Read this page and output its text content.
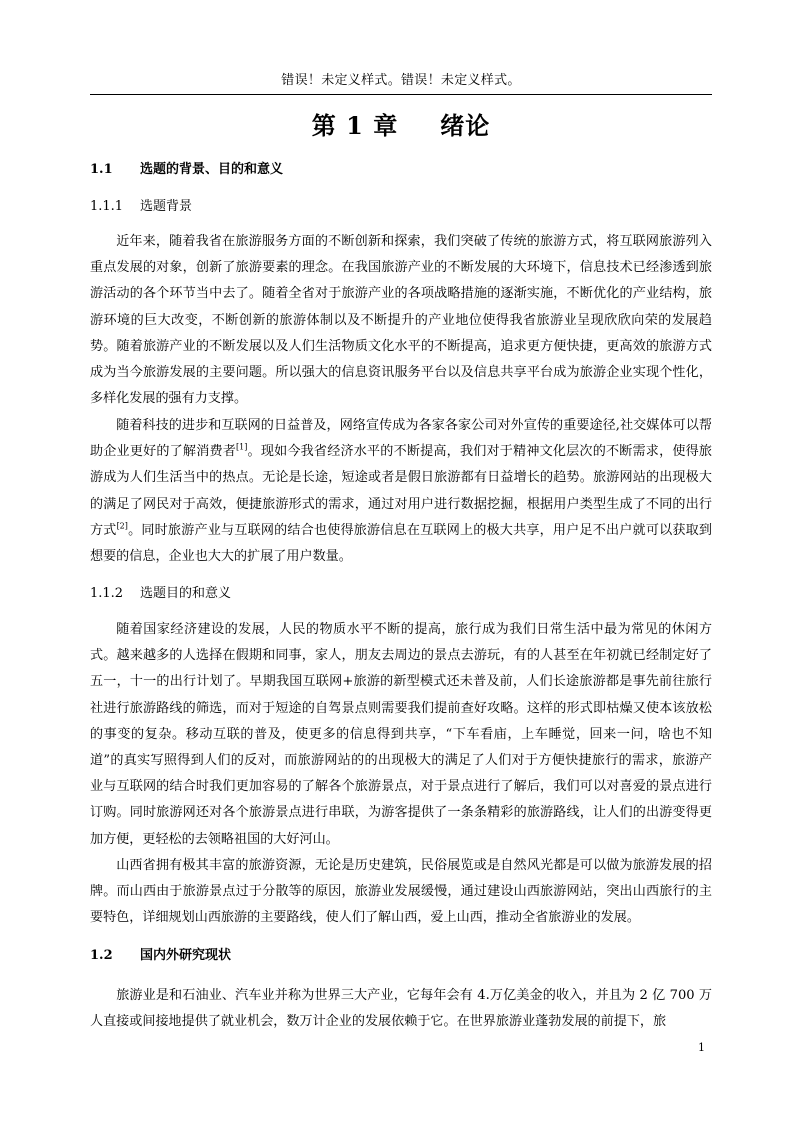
错误！未定义样式。错误！未定义样式。
第 1 章 绪论
1.1 选题的背景、目的和意义
1.1.1 选题背景

近年来，随着我省在旅游服务方面的不断创新和探索，我们突破了传统的旅游方式，将互联网旅游列入重点发展的对象，创新了旅游要素的理念。在我国旅游产业的不断发展的大环境下，信息技术已经渗透到旅游活动的各个环节当中去了。随着全省对于旅游产业的各项战略措施的逐渐实施，不断优化的产业结构，旅游环境的巨大改变，不断创新的旅游体制以及不断提升的产业地位使得我省旅游业呈现欣欣向荣的发展趋势。随着旅游产业的不断发展以及人们生活物质文化水平的不断提高，追求更方便快捷，更高效的旅游方式成为当今旅游发展的主要问题。所以强大的信息资讯服务平台以及信息共享平台成为旅游企业实现个性化，多样化发展的强有力支撑。

随着科技的进步和互联网的日益普及，网络宣传成为各家各家公司对外宣传的重要途径,社交媒体可以帮助企业更好的了解消费者[1]。现如今我省经济水平的不断提高，我们对于精神文化层次的不断需求，使得旅游成为人们生活当中的热点。无论是长途，短途或者是假日旅游都有日益增长的趋势。旅游网站的出现极大的满足了网民对于高效，便捷旅游形式的需求，通过对用户进行数据挖掘，根据用户类型生成了不同的出行方式[2]。同时旅游产业与互联网的结合也使得旅游信息在互联网上的极大共享，用户足不出户就可以获取到想要的信息，企业也大大的扩展了用户数量。

1.1.2 选题目的和意义

随着国家经济建设的发展，人民的物质水平不断的提高，旅行成为我们日常生活中最为常见的休闲方式。越来越多的人选择在假期和同事，家人，朋友去周边的景点去游玩，有的人甚至在年初就已经制定好了五一，十一的出行计划了。早期我国互联网+旅游的新型模式还未普及前，人们长途旅游都是事先前往旅行社进行旅游路线的筛选，而对于短途的自驾景点则需要我们提前查好攻略。这样的形式即枯燥又使本该放松的事变的复杂。移动互联的普及，使更多的信息得到共享，“下车看庙，上车睡觉，回来一问，啥也不知道”的真实写照得到人们的反对，而旅游网站的的出现极大的满足了人们对于方便快捷旅行的需求，旅游产业与互联网的结合时我们更加容易的了解各个旅游景点，对于景点进行了解后，我们可以对喜爱的景点进行订购。同时旅游网还对各个旅游景点进行串联，为游客提供了一条条精彩的旅游路线，让人们的出游变得更加方便，更轻松的去领略祖国的大好河山。

山西省拥有极其丰富的旅游资源，无论是历史建筑，民俗展览或是自然风光都是可以做为旅游发展的招牌。而山西由于旅游景点过于分散等的原因，旅游业发展缓慢，通过建设山西旅游网站，突出山西旅行的主要特色，详细规划山西旅游的主要路线，使人们了解山西，爱上山西，推动全省旅游业的发展。

1.2 国内外研究现状

旅游业是和石油业、汽车业并称为世界三大产业，它每年会有 4.万亿美金的收入，并且为 2 亿 700 万人直接或间接地提供了就业机会，数万计企业的发展依赖于它。在世界旅游业蓬勃发展的前提下，旅

1
